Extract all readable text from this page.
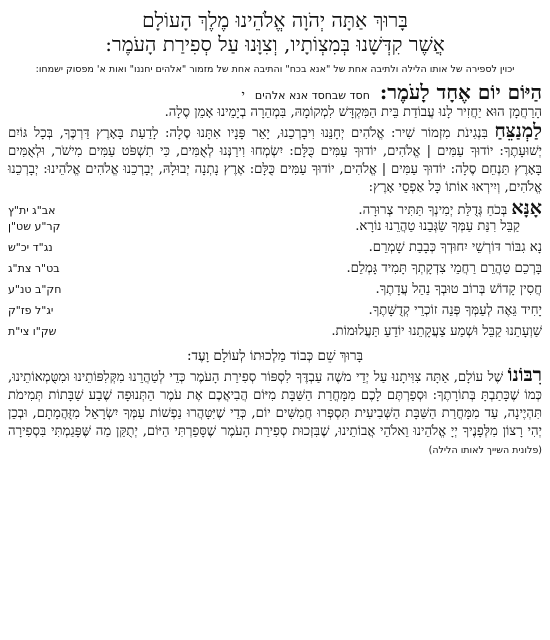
בָּרוּךְ אַתָּה יְהֹוָה אֱלֹהֵינוּ מֶלֶךְ הָעוֹלָם
אֲשֶׁר קִדְּשָׁנוּ בְּמִצְוֹתָיו, וְצִוָּנוּ עַל סְפִירַת הָעֹמֶר:
יכוין לספירה של אותו הלילה ולתיבה אחת של "אנא בכח" והתיבה אחת של מזמור "אלהים יחננו" ואות א' מפסוק ישמחו:
הַיּוֹם יוֹם אֶחָד לָעֹמֶר:
חסד שבחסד אנא אלהים
י
הָרַחֲמָן הוּא יַחֲזִיר לָנוּ עֲבוֹדַת בֵּית הַמִּקְדָּשׁ לִמְקוֹמָהּ, בִּמְהֵרָה בְיָמֵינוּ אָמֵן סֶלָה.
לַמְנַצֵּחַ בִּנְגִינֹת מִזְמוֹר שִׁיר: אֱלֹהִים יְחָנֵּנוּ וִיבָרְכֵנוּ, יָאֵר פָּנָיו אִתָּנוּ סֶלָה: לָדַעַת בָּאָרֶץ דַּרְכֶּךָ, בְּכָל גּוֹיִם יְשׁוּעָתֶךָ: יוֹדוּךָ עַמִּים | אֱלֹהִים, יוֹדוּךָ עַמִּים כֻּלָּם: יִשְׂמְחוּ וִירַנְּנוּ לְאֻמִּים, כִּי תִשְׁפֹּט עַמִּים מִישֹׁר, וּלְאֻמִּים בָּאָרֶץ תַּנְחֵם סֶלָה: יוֹדוּךָ עַמִּים | אֱלֹהִים, יוֹדוּךָ עַמִּים כֻּלָּם: אֶרֶץ נָתְנָה יְבוּלָהּ, יְבָרְכֵנוּ אֱלֹהִים אֱלֹהֵינוּ: יְבָרְכֵנוּ אֱלֹהִים, וְיִירְאוּ אוֹתוֹ כָּל אַפְסֵי אָרֶץ:
אָנָּא בְּכֹחַ גְּדֻלַּת יְמִינְךָ תַּתִּיר צְרוּרָה.
אב"ג ית"ץ
קַבֵּל רִנַּת עַמְּךָ שַׂגְּבֵנוּ טַהֲרֵנוּ נוֹרָא.
קר"ע שט"ן
נָא גִבּוֹר דּוֹרְשֵׁי יִחוּדְךָ כְּבָבַת שָׁמְרֵם.
נג"ד יכ"ש
בָּרְכֵם טַהֲרֵם רַחֲמֵי צִדְקָתְךָ תָּמִיד גָּמְלֵם.
בט"ר צת"ג
חֲסִין קָדוֹשׁ בְּרוֹב טוּבְךָ נַהֵל עֲדָתֶךָ.
חק"ב טנ"ע
יָחִיד גֵּאֶה לְעַמְּךָ פְּנֵה זוֹכְרֵי קְדֻשָּׁתֶךָ.
יג"ל פז"ק
שַׁוְעָתֵנוּ קַבֵּל וּשְׁמַע צַעֲקָתֵנוּ יוֹדֵעַ תַּעֲלוּמוֹת.
שק"ו צי"ת
בָּרוּךְ שֵׁם כְּבוֹד מַלְכוּתוֹ לְעוֹלָם וָעֶד:
רִבּוֹנוֹ שֶׁל עוֹלָם, אַתָּה צִוִּיתָנוּ עַל יְדֵי משֶׁה עַבְדֶּךָ לִסְפּוֹר סְפִירַת הָעֹמֶר כְּדֵי לְטַהֲרֵנוּ מִקְּלִפּוֹתֵינוּ וּמִטֻּמְאוֹתֵינוּ, כְּמוֹ שֶׁכָּתַבְתָּ בְּתוֹרָתֶךָ: וּסְפַרְתֶּם לָכֶם מִמָּחֳרַת הַשַּׁבָּת מִיּוֹם הֲבִיאֲכֶם אֶת עֹמֶר הַתְּנוּפָה שֶׁבַע שַׁבָּתוֹת תְּמִימֹת תִּהְיֶינָה, עַד מִמָּחֳרַת הַשַּׁבָּת הַשְּׁבִיעִית תִּסְפְּרוּ חֲמִשִּׁים יוֹם, כְּדֵי שֶׁיִּטָּהֲרוּ נַפְשׁוֹת עַמְּךָ יִשְׂרָאֵל מִזֻּהֲמָתָם, וּבְכֵן יְהִי רָצוֹן מִלְּפָנֶיךָ יְיָ אֱלֹהֵינוּ וֵאלֹהֵי אֲבוֹתֵינוּ, שֶׁבִּזְכוּת סְפִירַת הָעֹמֶר שֶׁסָּפַרְתִּי הַיּוֹם, יְתֻקַּן מַה שֶּׁפָּגַמְתִּי בִּסְפִירָה (פלונית השייך לאותו הלילה)
